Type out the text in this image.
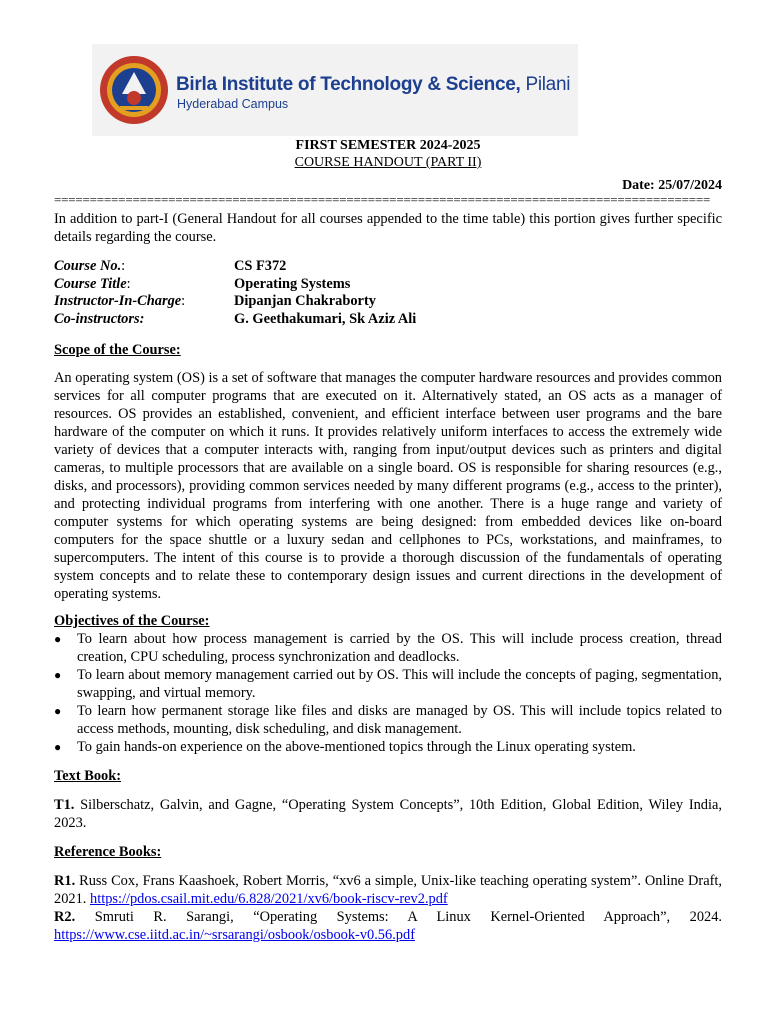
Birla Institute of Technology & Science, Pilani
Hyderabad Campus
FIRST SEMESTER 2024-2025
COURSE HANDOUT (PART II)
Date: 25/07/2024
============================================================================================
In addition to part-I (General Handout for all courses appended to the time table) this portion gives further specific details regarding the course.
Course No.:	CS F372
Course Title:	Operating Systems
Instructor-In-Charge:	Dipanjan Chakraborty
Co-instructors:	G. Geethakumari, Sk Aziz Ali
Scope of the Course:
An operating system (OS) is a set of software that manages the computer hardware resources and provides common services for all computer programs that are executed on it. Alternatively stated, an OS acts as a manager of resources. OS provides an established, convenient, and efficient interface between user programs and the bare hardware of the computer on which it runs. It provides relatively uniform interfaces to access the extremely wide variety of devices that a computer interacts with, ranging from input/output devices such as printers and digital cameras, to multiple processors that are available on a single board. OS is responsible for sharing resources (e.g., disks, and processors), providing common services needed by many different programs (e.g., access to the printer), and protecting individual programs from interfering with one another. There is a huge range and variety of computer systems for which operating systems are being designed: from embedded devices like on-board computers for the space shuttle or a luxury sedan and cellphones to PCs, workstations, and mainframes, to supercomputers. The intent of this course is to provide a thorough discussion of the fundamentals of operating system concepts and to relate these to contemporary design issues and current directions in the development of operating systems.
Objectives of the Course:
● To learn about how process management is carried by the OS. This will include process creation, thread creation, CPU scheduling, process synchronization and deadlocks.
● To learn about memory management carried out by OS. This will include the concepts of paging, segmentation, swapping, and virtual memory.
● To learn how permanent storage like files and disks are managed by OS. This will include topics related to access methods, mounting, disk scheduling, and disk management.
● To gain hands-on experience on the above-mentioned topics through the Linux operating system.
Text Book:
T1. Silberschatz, Galvin, and Gagne, “Operating System Concepts”, 10th Edition, Global Edition, Wiley India, 2023.
Reference Books:
R1. Russ Cox, Frans Kaashoek, Robert Morris, “xv6 a simple, Unix-like teaching operating system”. Online Draft, 2021. https://pdos.csail.mit.edu/6.828/2021/xv6/book-riscv-rev2.pdf
R2. Smruti R. Sarangi, “Operating Systems: A Linux Kernel-Oriented Approach”, 2024. https://www.cse.iitd.ac.in/~srsarangi/osbook/osbook-v0.56.pdf
